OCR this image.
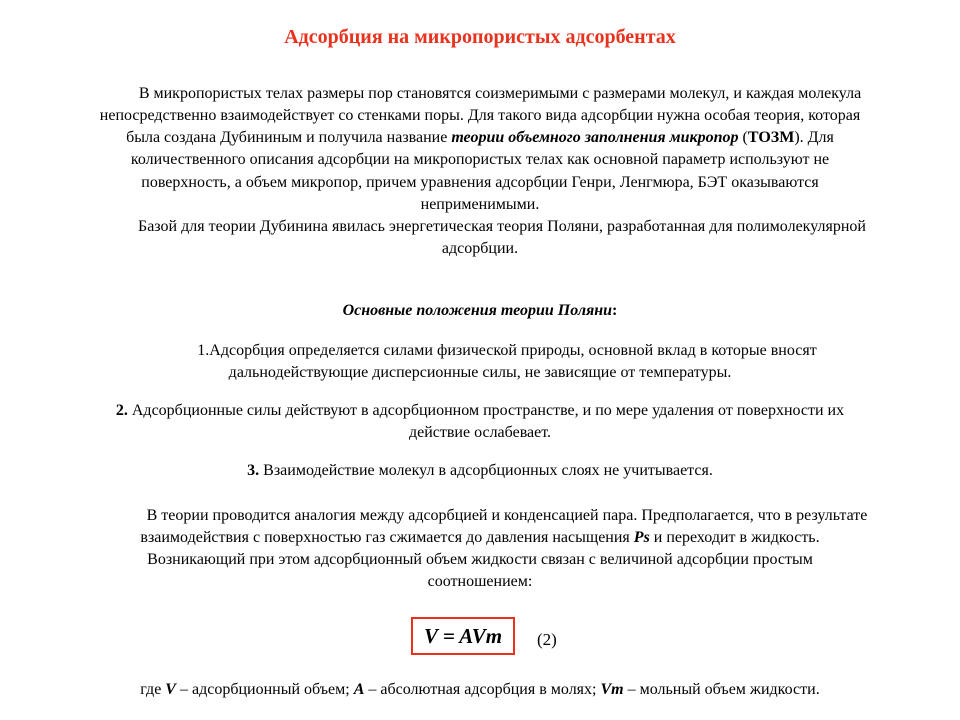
Адсорбция на микропористых адсорбентах
В микропористых телах размеры пор становятся соизмеримыми с размерами молекул, и каждая молекула
непосредственно взаимодействует со стенками поры. Для такого вида адсорбции нужна особая теория, которая
была создана Дубининым и получила название теории объемного заполнения микропор (ТОЗМ). Для
количественного описания адсорбции на микропористых телах как основной параметр используют не
поверхность, а объем микропор, причем уравнения адсорбции Генри, Ленгмюра, БЭТ оказываются
неприменимыми.
Базой для теории Дубинина явилась энергетическая теория Поляни, разработанная для полимолекулярной
адсорбции.
Основные положения теории Поляни:
1.Адсорбция определяется силами физической природы, основной вклад в которые вносят
дальнодействующие дисперсионные силы, не зависящие от температуры.
2. Адсорбционные силы действуют в адсорбционном пространстве, и по мере удаления от поверхности их
действие ослабевает.
3. Взаимодействие молекул в адсорбционных слоях не учитывается.
В теории проводится аналогия между адсорбцией и конденсацией пара. Предполагается, что в результате
взаимодействия с поверхностью газ сжимается до давления насыщения Ps и переходит в жидкость.
Возникающий при этом адсорбционный объем жидкости связан с величиной адсорбции простым
соотношением:
V = AVm (2)
где V – адсорбционный объем; A – абсолютная адсорбция в молях; Vm – мольный объем жидкости.
